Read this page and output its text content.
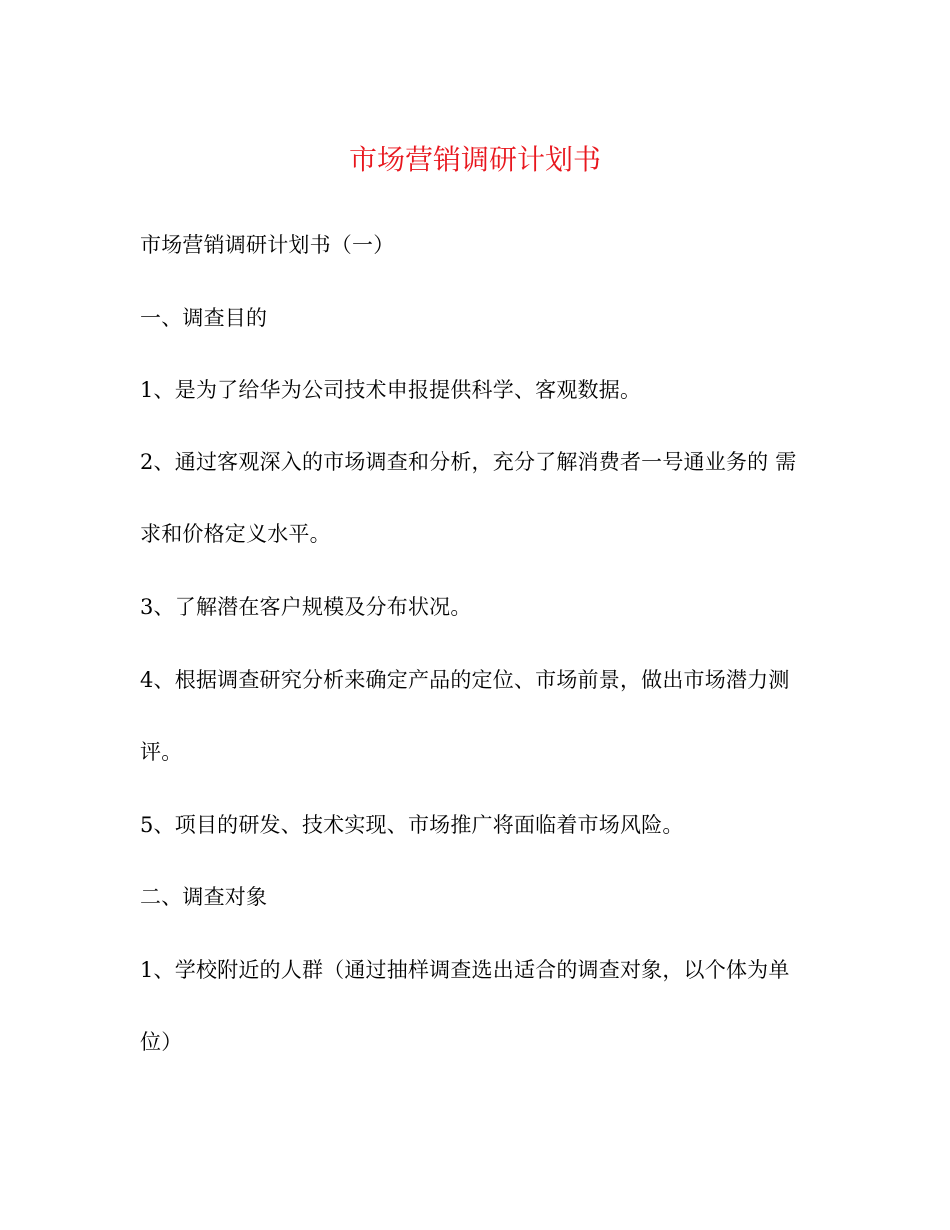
市场营销调研计划书
市场营销调研计划书（一）
一、调查目的
1、是为了给华为公司技术申报提供科学、客观数据。
2、通过客观深入的市场调查和分析，充分了解消费者一号通业务的 需
求和价格定义水平。
3、了解潜在客户规模及分布状况。
4、根据调查研究分析来确定产品的定位、市场前景，做出市场潜力测
评。
5、项目的研发、技术实现、市场推广将面临着市场风险。
二、调查对象
1、学校附近的人群（通过抽样调查选出适合的调查对象，以个体为单
位）
